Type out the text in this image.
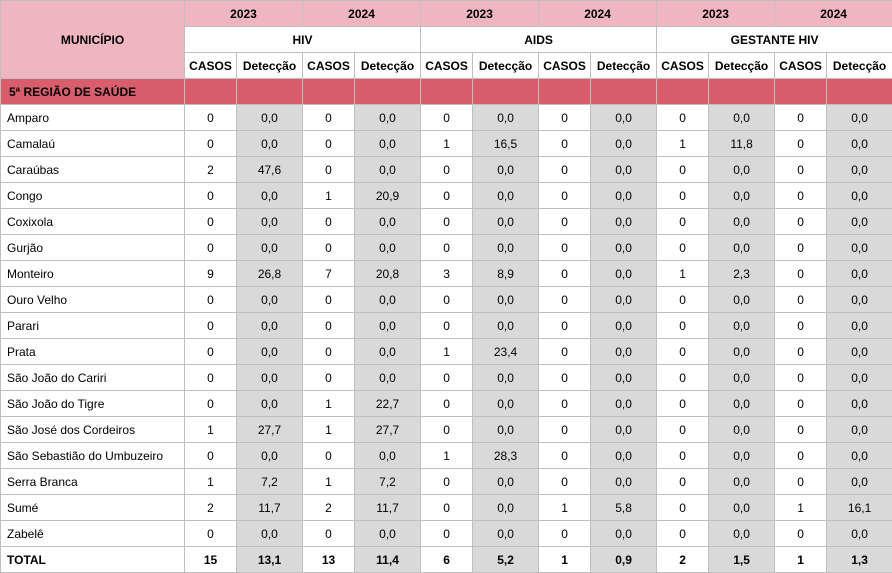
MUNICÍPIO	2023		2024		2023		2024		2023		2024	
	HIV				AIDS				GESTANTE HIV			
	CASOS	Detecção	CASOS	Detecção	CASOS	Detecção	CASOS	Detecção	CASOS	Detecção	CASOS	Detecção
5ª REGIÃO DE SAÚDE												
Amparo	0	0,0	0	0,0	0	0,0	0	0,0	0	0,0	0	0,0
Camalaú	0	0,0	0	0,0	1	16,5	0	0,0	1	11,8	0	0,0
Caraúbas	2	47,6	0	0,0	0	0,0	0	0,0	0	0,0	0	0,0
Congo	0	0,0	1	20,9	0	0,0	0	0,0	0	0,0	0	0,0
Coxixola	0	0,0	0	0,0	0	0,0	0	0,0	0	0,0	0	0,0
Gurjão	0	0,0	0	0,0	0	0,0	0	0,0	0	0,0	0	0,0
Monteiro	9	26,8	7	20,8	3	8,9	0	0,0	1	2,3	0	0,0
Ouro Velho	0	0,0	0	0,0	0	0,0	0	0,0	0	0,0	0	0,0
Parari	0	0,0	0	0,0	0	0,0	0	0,0	0	0,0	0	0,0
Prata	0	0,0	0	0,0	1	23,4	0	0,0	0	0,0	0	0,0
São João do Cariri	0	0,0	0	0,0	0	0,0	0	0,0	0	0,0	0	0,0
São João do Tigre	0	0,0	1	22,7	0	0,0	0	0,0	0	0,0	0	0,0
São José dos Cordeiros	1	27,7	1	27,7	0	0,0	0	0,0	0	0,0	0	0,0
São Sebastião do Umbuzeiro	0	0,0	0	0,0	1	28,3	0	0,0	0	0,0	0	0,0
Serra Branca	1	7,2	1	7,2	0	0,0	0	0,0	0	0,0	0	0,0
Sumé	2	11,7	2	11,7	0	0,0	1	5,8	0	0,0	1	16,1
Zabelê	0	0,0	0	0,0	0	0,0	0	0,0	0	0,0	0	0,0
TOTAL	15	13,1	13	11,4	6	5,2	1	0,9	2	1,5	1	1,3
